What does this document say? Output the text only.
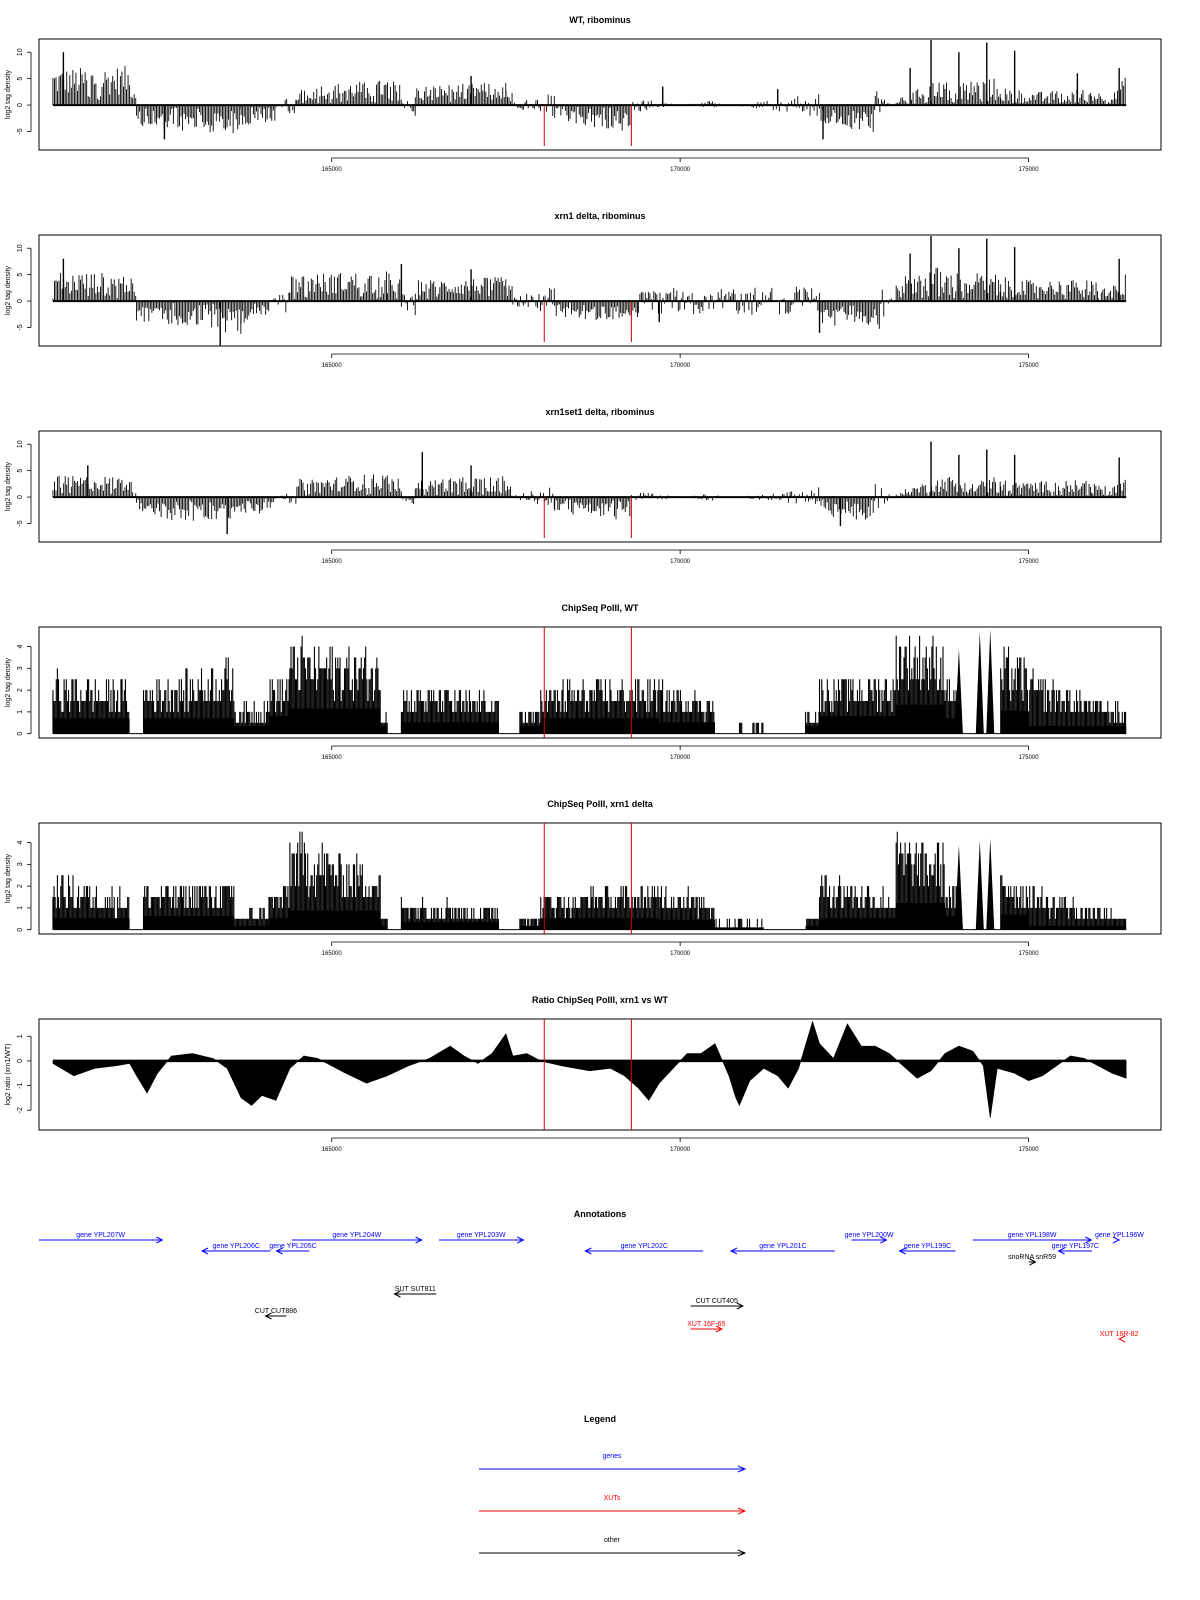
WT, ribominus
-5
0
5
10
log2 tag density
165000	170000	175000
xrn1 delta, ribominus
-5
0
5
10
log2 tag density
165000	170000	175000
xrn1set1 delta, ribominus
-5
0
5
10
log2 tag density
165000	170000	175000
ChipSeq PolII, WT
0
1
2
3
4
log2 tag density
165000	170000	175000
ChipSeq PolII, xrn1 delta
0
1
2
3
4
log2 tag density
165000	170000	175000
Ratio ChipSeq PolII, xrn1 vs WT
-2
-1
0
1
log2 ratio (xrn1/WT)
165000	170000	175000
Annotations
gene YPL207W
gene YPL206C gene YPL205C
gene YPL204W	gene YPL203W
gene YPL202C	gene YPL201C
gene YPL200W
gene YPL199C
gene YPL198W
gene YPL197C
gene YPL196W
snoRNA snR59
SUT SUT811
CUT CUT886
CUT CUT405
XUT 16F-65
XUT 16R-82
Legend
genes
XUTs
other
